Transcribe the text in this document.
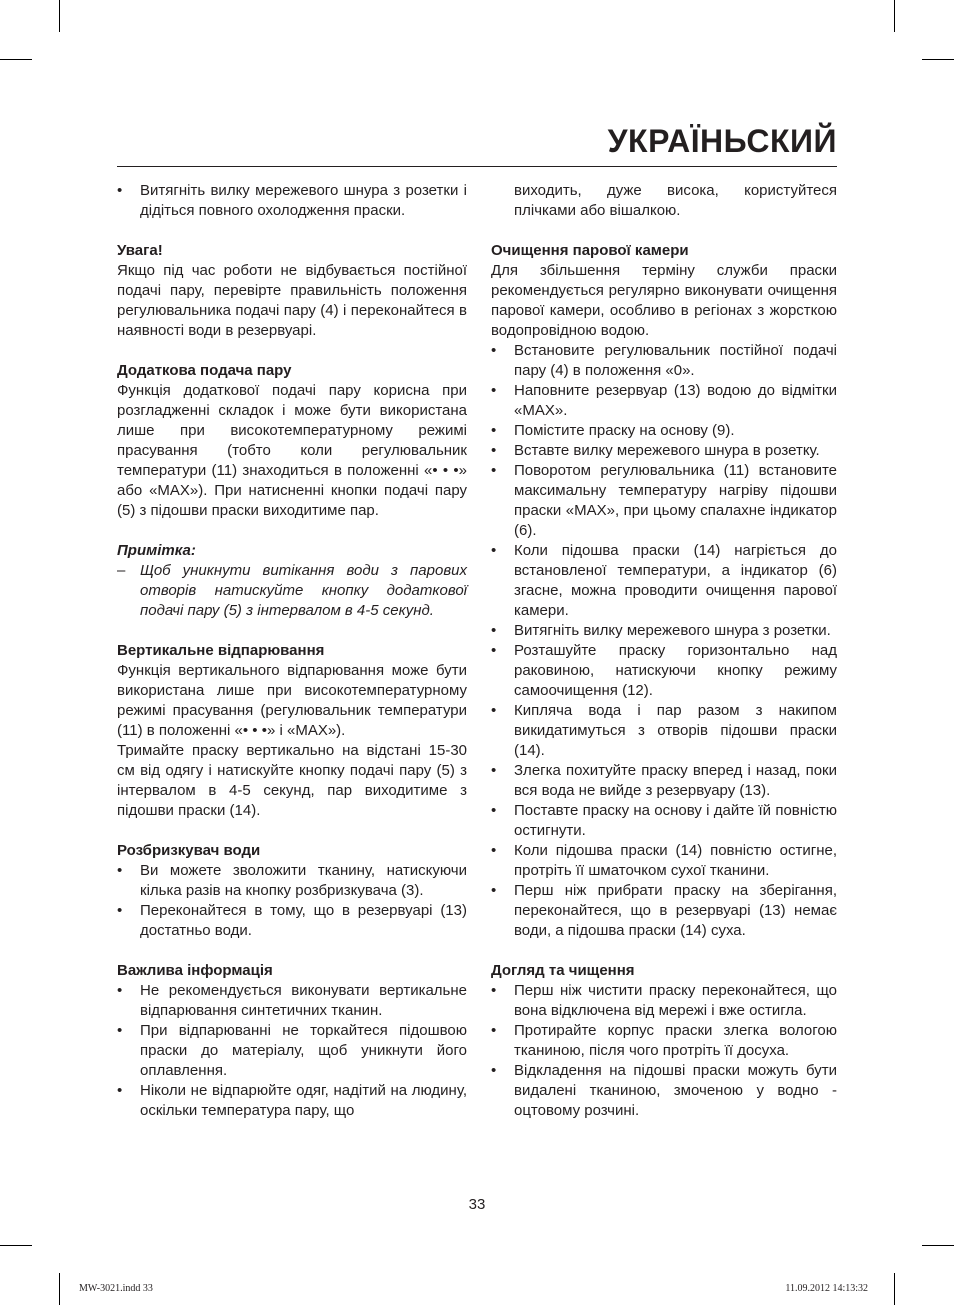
УКРАЇНЬСКИЙ
• Витягніть вилку мережевого шнура з розетки і дідіться повного охолодження праски.
Увага!

Якщо під час роботи не відбувається постійної подачі пару, перевірте правильність положення регулювальника подачі пару (4) і переконайтеся в наявності води в резервуарі.

Додаткова подача пару

Функція додаткової подачі пару корисна при розгладженні складок і може бути використана лише при високотемпературному режимі прасування (тобто коли регулювальник температури (11) знаходиться в положенні «• • •» або «MAX»). При натисненні кнопки подачі пару (5) з підошви праски виходитиме пар.

Примітка:
– Щоб уникнути витікання води з парових отворів натискуйте кнопку додаткової подачі пару (5) з інтервалом в 4-5 секунд.
Вертикальне відпарювання

Функція вертикального відпарювання може бути використана лише при високотемпературному режимі прасування (регулювальник температури (11) в положенні «• • •» і «MAX»).

Тримайте праску вертикально на відстані 15-30 см від одягу і натискуйте кнопку подачі пару (5) з інтервалом в 4-5 секунд, пар виходитиме з підошви праски (14).

Розбризкувач води
• Ви можете зволожити тканину, натискуючи кілька разів на кнопку розбризкувача (3).
• Переконайтеся в тому, що в резервуарі (13) достатньо води.
Важлива інформація
• Не рекомендується виконувати вертикальне відпарювання синтетичних тканин.
• При відпарюванні не торкайтеся підошвою праски до матеріалу, щоб уникнути його оплавлення.
• Ніколи не відпарюйте одяг, надітий на людину, оскільки температура пару, що
виходить, дуже висока, користуйтеся плічками або вішалкою.
Очищення парової камери

Для збільшення терміну служби праски рекомендується регулярно виконувати очищення парової камери, особливо в регіонах з жорсткою водопровідною водою.

• Встановите регулювальник постійної подачі пару (4) в положення «0».
• Наповните резервуар (13) водою до відмітки «MAX».
• Помістите праску на основу (9).
• Вставте вилку мережевого шнура в розетку.
• Поворотом регулювальника (11) встановите максимальну температуру нагріву підошви праски «MAX», при цьому спалахне індикатор (6).
• Коли підошва праски (14) нагріється до встановленої температури, а індикатор (6) згасне, можна проводити очищення парової камери.
• Витягніть вилку мережевого шнура з розетки.
• Розташуйте праску горизонтально над раковиною, натискуючи кнопку режиму самоочищення (12).
• Кипляча вода і пар разом з накипом викидатимуться з отворів підошви праски (14).
• Злегка похитуйте праску вперед і назад, поки вся вода не вийде з резервуару (13).
• Поставте праску на основу і дайте їй повністю остигнути.
• Коли підошва праски (14) повністю остигне, протріть її шматочком сухої тканини.
• Перш ніж прибрати праску на зберігання, переконайтеся, що в резервуарі (13) немає води, а підошва праски (14) суха.
Догляд та чищення
• Перш ніж чистити праску переконайтеся, що вона відключена від мережі і вже остигла.
• Протирайте корпус праски злегка вологою тканиною, після чого протріть її досуха.
• Відкладення на підошві праски можуть бути видалені тканиною, змоченою у водно - оцтовому розчині.
33
MW-3021.indd 33	11.09.2012 14:13:32
